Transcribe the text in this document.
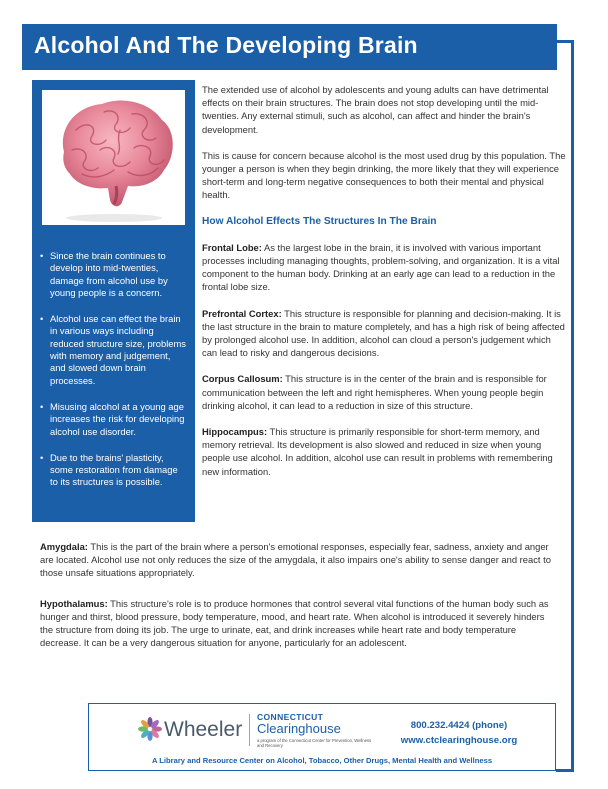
Alcohol And The Developing Brain
• Since the brain continues to develop into mid-twenties, damage from alcohol use by young people is a concern.
• Alcohol use can effect the brain in various ways including reduced structure size, problems with memory and judgement, and slowed down brain processes.
• Misusing alcohol at a young age increases the risk for developing alcohol use disorder.
• Due to the brains' plasticity, some restoration from damage to its structures is possible.

The extended use of alcohol by adolescents and young adults can have detrimental effects on their brain structures. The brain does not stop developing until the mid-twenties. Any external stimuli, such as alcohol, can affect and hinder the brain's development.

This is cause for concern because alcohol is the most used drug by this population. The younger a person is when they begin drinking, the more likely that they will experience short-term and long-term negative consequences to both their mental and physical health.

How Alcohol Effects The Structures In The Brain

Frontal Lobe: As the largest lobe in the brain, it is involved with various important processes including managing thoughts, problem-solving, and organization. It is a vital component to the human body. Drinking at an early age can lead to a reduction in the frontal lobe size.

Prefrontal Cortex: This structure is responsible for planning and decision-making. It is the last structure in the brain to mature completely, and has a high risk of being affected by prolonged alcohol use. In addition, alcohol can cloud a person's judgement which can lead to risky and dangerous decisions.

Corpus Callosum: This structure is in the center of the brain and is responsible for communication between the left and right hemispheres. When young people begin drinking alcohol, it can lead to a reduction in size of this structure.

Hippocampus: This structure is primarily responsible for short-term memory, and memory retrieval. Its development is also slowed and reduced in size when young people use alcohol. In addition, alcohol use can result in problems with remembering new information.

Amygdala: This is the part of the brain where a person's emotional responses, especially fear, sadness, anxiety and anger are located. Alcohol use not only reduces the size of the amygdala, it also impairs one's ability to sense danger and react to those unsafe situations appropriately.

Hypothalamus: This structure's role is to produce hormones that control several vital functions of the human body such as hunger and thirst, blood pressure, body temperature, mood, and heart rate. When alcohol is introduced it severely hinders the structure from doing its job. The urge to urinate, eat, and drink increases while heart rate and body temperature decrease. It can be a very dangerous situation for anyone, particularly for an adolescent.

Wheeler
CONNECTICUT
Clearinghouse
a program of the Connecticut Center for Prevention, Wellness and Recovery
800.232.4424 (phone)
www.ctclearinghouse.org
A Library and Resource Center on Alcohol, Tobacco, Other Drugs, Mental Health and Wellness
